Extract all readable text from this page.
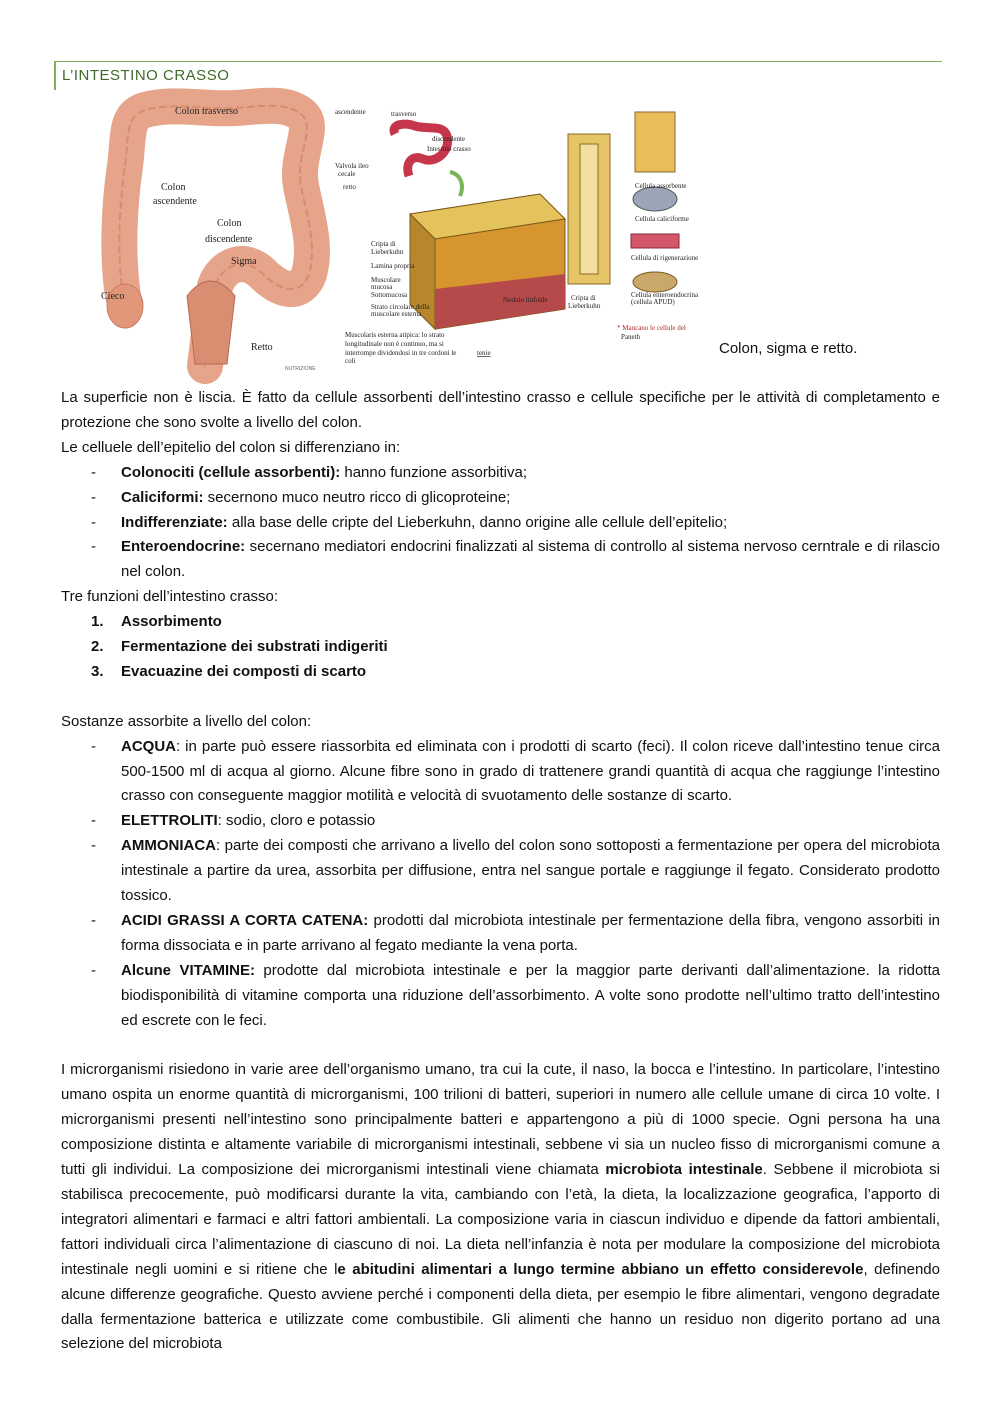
L’INTESTINO CRASSO
Colon trasverso
Colon
ascendente
Colon
discendente
Sigma
Cieco
Retto
NUTRIZIONE
ascendente	trasverso
discendente
Intestino crasso
Valvola ileo
cecale
retto
Cripta di
Lieberkuhn
Lamina propria
Muscolare
mucosa
Sottomucosa
Strato circolare della
muscolare esterna
Nodulo linfoide	Cripta di
Lieberkuhn
Cellula assorbente
Cellula caliciforme
Cellula di rigenerazione
Cellula enteroendocrina
(cellula APUD)
Muscolaris esterna atipica: lo strato
longitudinale non è continuo, ma si
interrompe dividendosi in tre cordoni le	tenie
coli
* Mancano le cellule del
Paneth
Colon, sigma e retto.

La superficie non è liscia. È fatto da cellule assorbenti dell’intestino crasso e cellule specifiche per le attività di completamento e protezione che sono svolte a livello del colon.

Le celluele dell’epitelio del colon si differenziano in:

- Colonociti (cellule assorbenti): hanno funzione assorbitiva;
- Caliciformi: secernono muco neutro ricco di glicoproteine;
- Indifferenziate: alla base delle cripte del Lieberkuhn, danno origine alle cellule dell’epitelio;
- Enteroendocrine: secernano mediatori endocrini finalizzati al sistema di controllo al sistema nervoso cerntrale e di rilascio nel colon.

Tre funzioni dell’intestino crasso:

1. Assorbimento
2. Fermentazione dei substrati indigeriti
3. Evacuazine dei composti di scarto

Sostanze assorbite a livello del colon:

- ACQUA: in parte può essere riassorbita ed eliminata con i prodotti di scarto (feci). Il colon riceve dall’intestino tenue circa 500-1500 ml di acqua al giorno. Alcune fibre sono in grado di trattenere grandi quantità di acqua che raggiunge l’intestino crasso con conseguente maggior motilità e velocità di svuotamento delle sostanze di scarto.
- ELETTROLITI: sodio, cloro e potassio
- AMMONIACA: parte dei composti che arrivano a livello del colon sono sottoposti a fermentazione per opera del microbiota intestinale a partire da urea, assorbita per diffusione, entra nel sangue portale e raggiunge il fegato. Considerato prodotto tossico.
- ACIDI GRASSI A CORTA CATENA: prodotti dal microbiota intestinale per fermentazione della fibra, vengono assorbiti in forma dissociata e in parte arrivano al fegato mediante la vena porta.
- Alcune VITAMINE: prodotte dal microbiota intestinale e per la maggior parte derivanti dall’alimentazione. la ridotta biodisponibilità di vitamine comporta una riduzione dell’assorbimento. A volte sono prodotte nell’ultimo tratto dell’intestino ed escrete con le feci.

I microrganismi risiedono in varie aree dell’organismo umano, tra cui la cute, il naso, la bocca e l’intestino. In particolare, l’intestino umano ospita un enorme quantità di microrganismi, 100 trilioni di batteri, superiori in numero alle cellule umane di circa 10 volte. I microrganismi presenti nell’intestino sono principalmente batteri e appartengono a più di 1000 specie. Ogni persona ha una composizione distinta e altamente variabile di microrganismi intestinali, sebbene vi sia un nucleo fisso di microrganismi comune a tutti gli individui. La composizione dei microrganismi intestinali viene chiamata microbiota intestinale. Sebbene il microbiota si stabilisca precocemente, può modificarsi durante la vita, cambiando con l’età, la dieta, la localizzazione geografica, l’apporto di integratori alimentari e farmaci e altri fattori ambientali. La composizione varia in ciascun individuo e dipende da fattori ambientali, fattori individuali circa l’alimentazione di ciascuno di noi. La dieta nell’infanzia è nota per modulare la composizione del microbiota intestinale negli uomini e si ritiene che le abitudini alimentari a lungo termine abbiano un effetto considerevole, definendo alcune differenze geografiche. Questo avviene perché i componenti della dieta, per esempio le fibre alimentari, vengono degradate dalla fermentazione batterica e utilizzate come combustibile. Gli alimenti che hanno un residuo non digerito portano ad una selezione del microbiota
